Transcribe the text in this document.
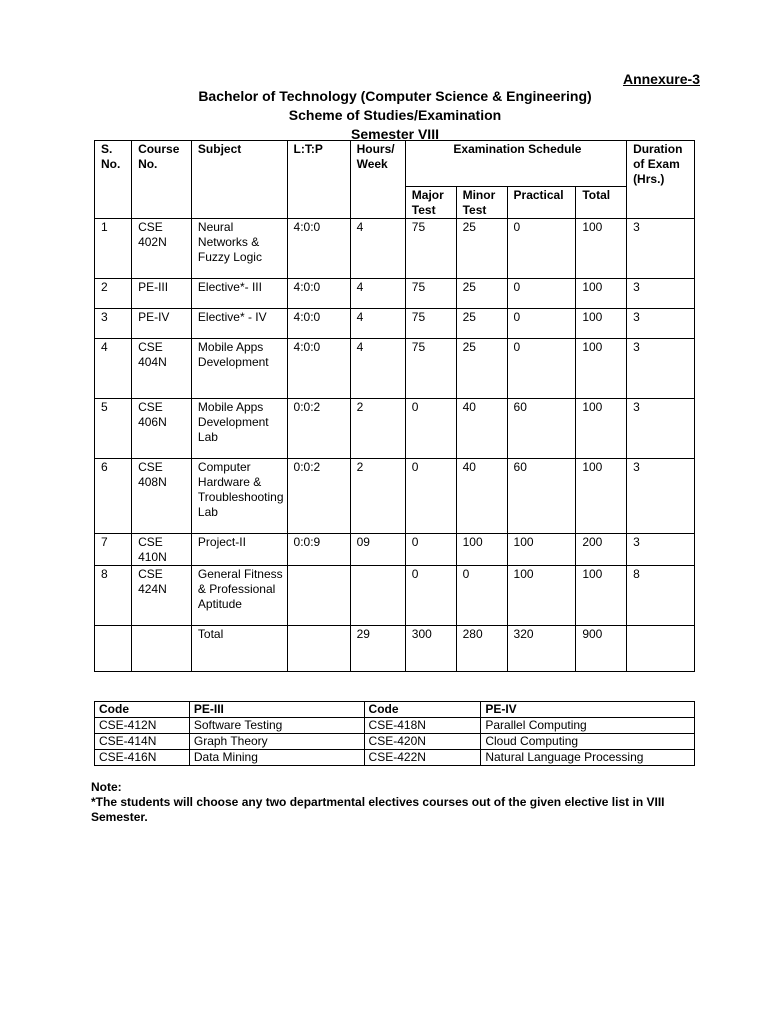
Annexure-3
Bachelor of Technology (Computer Science & Engineering)
Scheme of Studies/Examination
Semester VIII
S. No.	Course No.	Subject	L:T:P	Hours/ Week	Examination Schedule				Duration of Exam (Hrs.)
					Major Test	Minor Test	Practical	Total	
1	CSE 402N	Neural Networks & Fuzzy Logic	4:0:0	4	75	25	0	100	3
2	PE-III	Elective*- III	4:0:0	4	75	25	0	100	3
3	PE-IV	Elective* - IV	4:0:0	4	75	25	0	100	3
4	CSE 404N	Mobile Apps Development	4:0:0	4	75	25	0	100	3
5	CSE 406N	Mobile Apps Development Lab	0:0:2	2	0	40	60	100	3
6	CSE 408N	Computer Hardware & Troubleshooting Lab	0:0:2	2	0	40	60	100	3
7	CSE 410N	Project-II	0:0:9	09	0	100	100	200	3
8	CSE 424N	General Fitness & Professional Aptitude			0	0	100	100	8
		Total		29	300	280	320	900	
Code	PE-III	Code	PE-IV
CSE-412N	Software Testing	CSE-418N	Parallel Computing
CSE-414N	Graph Theory	CSE-420N	Cloud Computing
CSE-416N	Data Mining	CSE-422N	Natural Language Processing
Note:
*The students will choose any two departmental electives courses out of the given elective list in VIII Semester.
